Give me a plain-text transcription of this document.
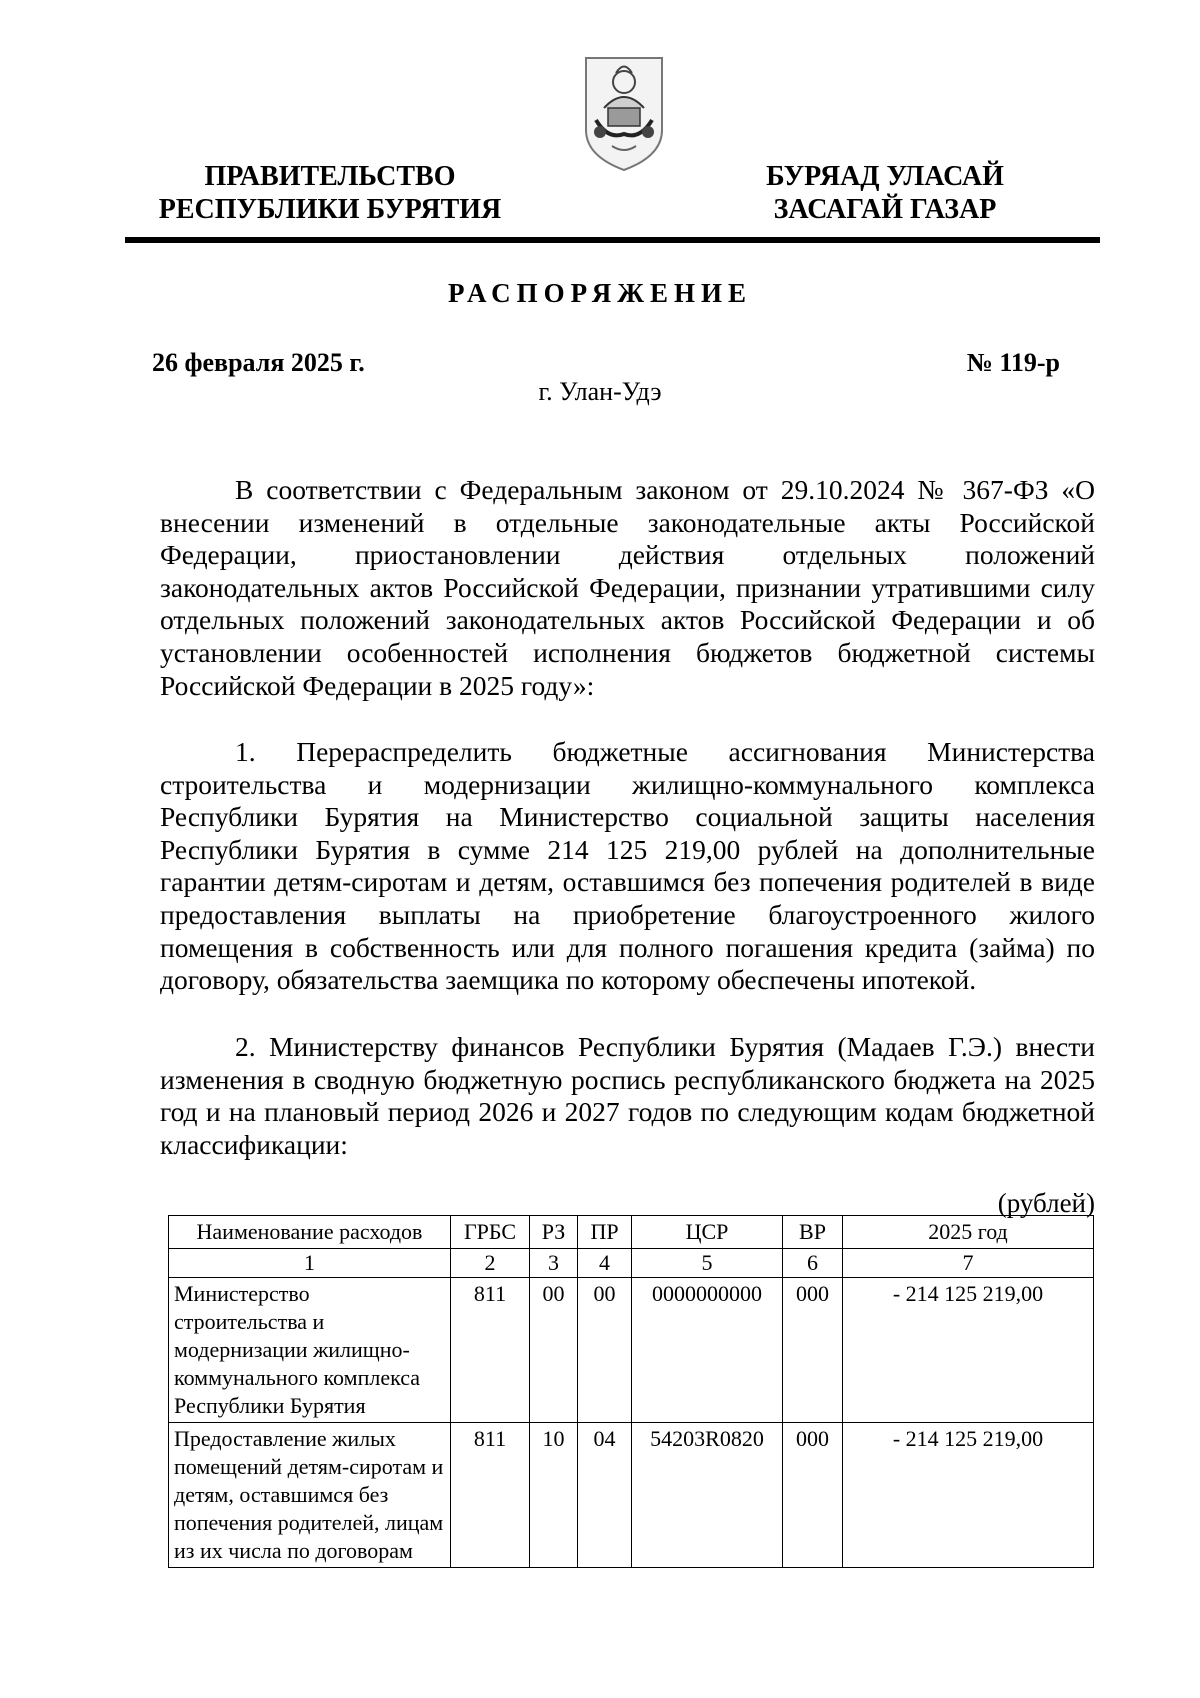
ПРАВИТЕЛЬСТВО
РЕСПУБЛИКИ БУРЯТИЯ
БУРЯАД УЛАСАЙ
ЗАСАГАЙ ГАЗАР
РАСПОРЯЖЕНИЕ
26 февраля 2025 г.	№ 119-р
г. Улан-Удэ

В соответствии с Федеральным законом от 29.10.2024 № 367-ФЗ «О внесении изменений в отдельные законодательные акты Российской Федерации, приостановлении действия отдельных положений законодательных актов Российской Федерации, признании утратившими силу отдельных положений законодательных актов Российской Федерации и об установлении особенностей исполнения бюджетов бюджетной системы Российской Федерации в 2025 году»:

1. Перераспределить бюджетные ассигнования Министерства строительства и модернизации жилищно-коммунального комплекса Республики Бурятия на Министерство социальной защиты населения Республики Бурятия в сумме 214 125 219,00 рублей на дополнительные гарантии детям-сиротам и детям, оставшимся без попечения родителей в виде предоставления выплаты на приобретение благоустроенного жилого помещения в собственность или для полного погашения кредита (займа) по договору, обязательства заемщика по которому обеспечены ипотекой.

2. Министерству финансов Республики Бурятия (Мадаев Г.Э.) внести изменения в сводную бюджетную роспись республиканского бюджета на 2025 год и на плановый период 2026 и 2027 годов по следующим кодам бюджетной классификации:

(рублей)
Наименование расходов	ГРБС	РЗ	ПР	ЦСР	ВР	2025 год
1	2	3	4	5	6	7
Министерство строительства и модернизации жилищно-коммунального комплекса Республики Бурятия	811	00	00	0000000000	000	- 214 125 219,00
Предоставление жилых помещений детям-сиротам и детям, оставшимся без попечения родителей, лицам из их числа по договорам	811	10	04	54203R0820	000	- 214 125 219,00
